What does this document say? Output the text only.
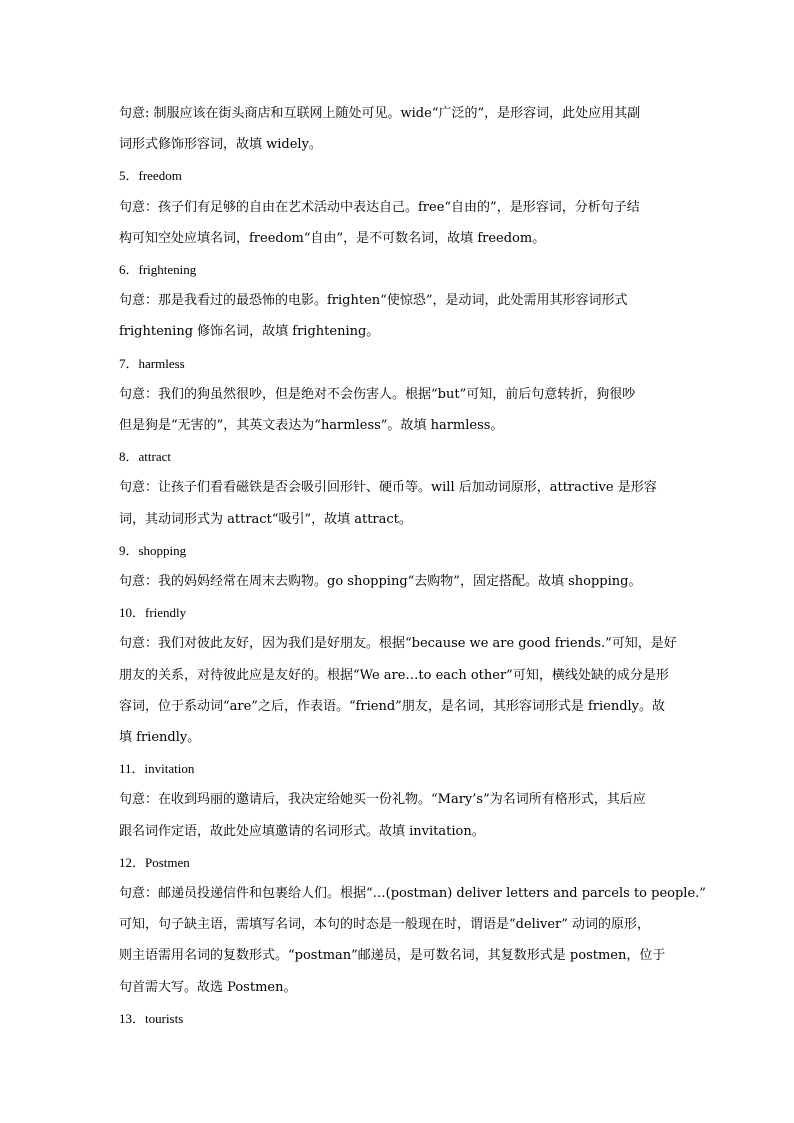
句意: 制服应该在街头商店和互联网上随处可见。wide“广泛的”，是形容词，此处应用其副
词形式修饰形容词，故填 widely。
5．freedom
句意：孩子们有足够的自由在艺术活动中表达自己。free“自由的”，是形容词，分析句子结
构可知空处应填名词，freedom“自由”，是不可数名词，故填 freedom。
6．frightening
句意：那是我看过的最恐怖的电影。frighten“使惊恐”，是动词，此处需用其形容词形式
frightening 修饰名词，故填 frightening。
7．harmless
句意：我们的狗虽然很吵，但是绝对不会伤害人。根据“but”可知，前后句意转折，狗很吵
但是狗是“无害的”，其英文表达为“harmless”。故填 harmless。
8．attract
句意：让孩子们看看磁铁是否会吸引回形针、硬币等。will 后加动词原形，attractive 是形容
词，其动词形式为 attract“吸引”，故填 attract。
9．shopping
句意：我的妈妈经常在周末去购物。go shopping“去购物”，固定搭配。故填 shopping。
10．friendly
句意：我们对彼此友好，因为我们是好朋友。根据“because we are good friends.”可知，是好
朋友的关系，对待彼此应是友好的。根据“We are…to each other”可知，横线处缺的成分是形
容词，位于系动词“are”之后，作表语。“friend”朋友，是名词，其形容词形式是 friendly。故
填 friendly。
11．invitation
句意：在收到玛丽的邀请后，我决定给她买一份礼物。“Mary’s”为名词所有格形式，其后应
跟名词作定语，故此处应填邀请的名词形式。故填 invitation。
12．Postmen
句意：邮递员投递信件和包裹给人们。根据“…(postman) deliver letters and parcels to people.”
可知，句子缺主语，需填写名词，本句的时态是一般现在时，谓语是“deliver” 动词的原形，
则主语需用名词的复数形式。“postman”邮递员，是可数名词，其复数形式是 postmen，位于
句首需大写。故选 Postmen。
13．tourists
